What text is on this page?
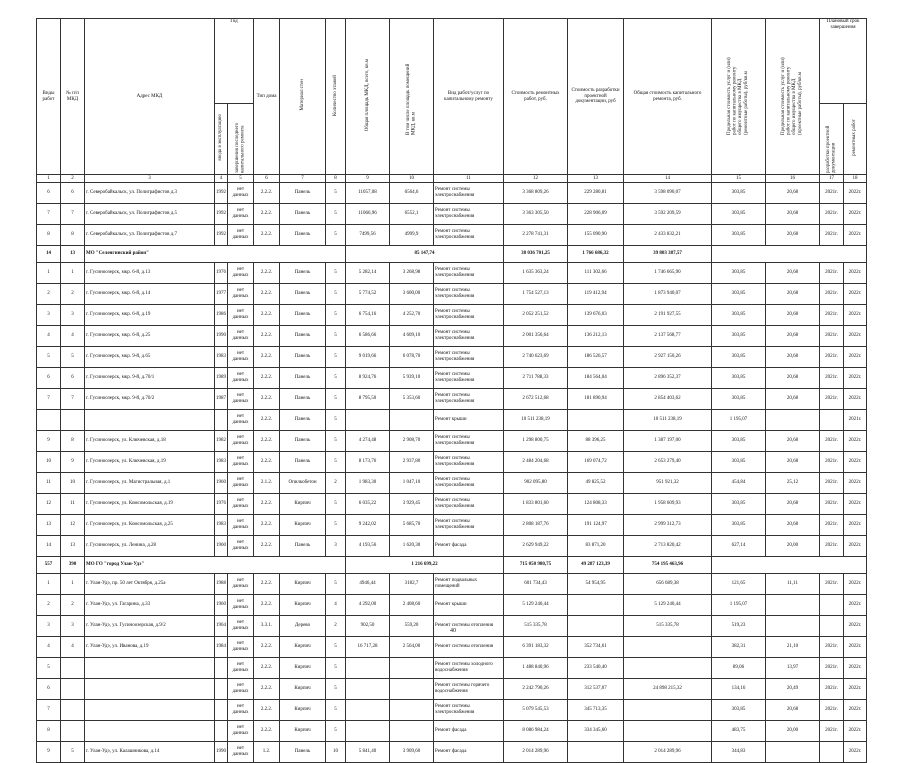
Виды работ	№ п/п МКД	Адрес МКД	Год		Тип дома	Материал стен	Количество этажей	Общая площадь МКД, всего, кв.м	В том числе площадь помещений МКД, кв.м	Вид работ/услуг по капитальному ремонту	Стоимость ремонтных работ, руб.	Стоимость разработки проектной документации, руб	Общая стоимость капитального ремонта, руб.	Предельная стоимость услуг и (или) работ по капитальному ремонту общего имущества в МКД (ремонтные работы), руб/кв.м	Предельная стоимость услуг и (или) работ по капитальному ремонту общего имущества в МКД (проектные работы), руб/кв.м	Плановый срок завершения	
			ввода в эксплуатацию	завершения последнего капитального ремонта												разработки проектной документации	ремонтных работ
1	2	3	4	5	6	7	8	9	10	11	12	13	14	15	16	17	18
6	6	г. Северобайкальск, ул. Полиграфистов д.3	1992	нет данных	2.2.2.	Панель	5	11057,08	6564,6	Ремонт системы электроснабжения	3 368 809,26	229 280,81	3 598 090,07	303,85	20,68	2021г.	2022г.
7	7	г. Северобайкальск, ул. Полиграфистов д.5	1992	нет данных	2.2.2.	Панель	5	11066,96	6552,1	Ремонт системы электроснабжения	3 363 305,50	228 906,09	3 592 209,59	303,85	20,68	2021г.	2022г.
8	8	г. Северобайкальск, ул. Полиграфистов д.7	1992	нет данных	2.2.2.	Панель	5	7499,56	4999,9	Ремонт системы электроснабжения	2 278 741,31	155 090,90	2 433 832,21	303,85	20,68	2021г.	2022г.
14	13	МО "Селенгинский район"						85 147,74			38 036 701,25	1 766 686,32	39 803 387,57				
1	1	г. Гусиноозерск, мкр. 6-й, д.13	1976	нет данных	2.2.2.	Панель	5	5 282,14	3 268,98	Ремонт системы электроснабжения	1 635 363,24	111 302,66	1 746 665,90	303,85	20,68	2021г.	2022г.
2	2	г. Гусиноозерск, мкр. 6-й, д.14	1977	нет данных	2.2.2.	Панель	5	5 774,52	3 600,00	Ремонт системы электроснабжения	1 754 527,13	119 412,94	1 873 940,07	303,85	20,68	2021г.	2022г.
3	3	г. Гусиноозерск, мкр. 6-й, д.19	1986	нет данных	2.2.2.	Панель	5	6 754,16	4 252,70	Ремонт системы электроснабжения	2 052 251,52	139 676,03	2 191 927,55	303,85	20,68	2021г.	2022г.
4	4	г. Гусиноозерск, мкр. 6-й, д.25	1990	нет данных	2.2.2.	Панель	5	6 586,66	4 609,10	Ремонт системы электроснабжения	2 001 356,64	136 212,13	2 137 568,77	303,85	20,68	2021г.	2022г.
5	5	г. Гусиноозерск, мкр. 9-й, д.65	1983	нет данных	2.2.2.	Панель	5	9 019,66	6 078,70	Ремонт системы электроснабжения	2 740 623,69	186 526,57	2 927 150,26	303,85	20,68	2021г.	2022г.
6	6	г. Гусиноозерск, мкр. 9-й, д.70/1	1989	нет данных	2.2.2.	Панель	5	8 924,76	5 939,10	Ремонт системы электроснабжения	2 711 788,33	184 564,04	2 896 352,37	303,85	20,68	2021г.	2022г.
7	7	г. Гусиноозерск, мкр. 9-й, д.70/2	1987	нет данных	2.2.2.	Панель	5	8 795,50	5 353,60	Ремонт системы электроснабжения	2 672 512,68	181 890,94	2 854 403,62	303,85	20,68	2021г.	2022г.
				нет данных	2.2.2.	Панель	5			Ремонт крыши	10 511 238,19		10 511 238,19	1 195,07			2021г.
9	8	г. Гусиноозерск, ул. Ключевская, д.18	1982	нет данных	2.2.2.	Панель	5	4 274,48	2 908,70	Ремонт системы электроснабжения	1 298 800,75	88 396,25	1 387 197,00	303,85	20,68	2021г.	2022г.
10	9	г. Гусиноозерск, ул. Ключевская, д.19	1983	нет данных	2.2.2.	Панель	5	8 173,76	2 937,80	Ремонт системы электроснабжения	2 484 204,68	169 074,72	2 653 279,40	303,85	20,68	2021г.	2022г.
11	10	г. Гусиноозерск, ул. Магистральная, д.1	1960	нет данных	2.1.2.	Опилкобетон	2	1 983,30	1 047,10	Ремонт системы электроснабжения	902 095,80	49 825,52	951 921,32	454,84	25,12	2021г.	2022г.
12	11	г. Гусиноозерск, ул. Комсомольская, д.19	1976	нет данных	2.2.2.	Кирпич	5	6 035,22	3 929,45	Ремонт системы электроснабжения	1 833 801,60	124 808,33	1 958 609,93	303,85	20,68	2021г.	2022г.
13	12	г. Гусиноозерск, ул. Комсомольская, д.25	1983	нет данных	2.2.2.	Кирпич	5	9 242,02	5 685,70	Ремонт системы электроснабжения	2 808 187,76	191 124,97	2 999 312,73	303,85	20,68	2021г.	2022г.
14	13	г. Гусиноозерск, ул. Ленина, д.28	1960	нет данных	2.2.2.	Панель	3	4 193,56	1 620,30	Ремонт фасада	2 629 949,22	83 871,20	2 713 820,42	627,14	20,00	2021г.	2022г.
557	390	МО ГО "город Улан-Удэ"						1 216 699,22			715 050 980,75	49 287 123,39	754 195 463,96				
1	1	г. Улан-Удэ, пр. 50 лет Октября, д.25а	1988	нет данных	2.2.2.	Кирпич	5	4946,44	3182,7	Ремонт подвальных помещений	601 734,43	54 954,95	656 689,38	121,65	11,11	2021г.	2022г.
2	2	г. Улан-Удэ, ул. Гагарина, д.33	1960	нет данных	2.2.2.	Кирпич	4	4 292,00	2 408,60	Ремонт крыши	5 129 240,44		5 129 240,44	1 195,07			2022г.
3	3	г. Улан-Удэ, ул. Гусиноозерская, д.9/2	1964	нет данных	3.3.1.	Дерево	2	902,50	559,20	Ремонт системы отопления	515 335,78		515 335,78	519,23			2022г.
4	4	г. Улан-Удэ, ул. Иванова, д.19	1984	нет данных	2.2.2.	Кирпич	5	16 717,28	2 564,00	Ремонт системы отопления	6 391 183,32	352 734,61		382,31	21,10	2021г.	2022г.
5				нет данных	2.2.2.	Кирпич	5			Ремонт системы холодного водоснабжения	1 488 840,96	233 540,40		89,06	13,97	2021г.	2022г.
6				нет данных	2.2.2.	Кирпич	5			Ремонт системы горячего водоснабжения	2 242 790,26	312 537,07	24 898 215,32	134,16	20,49	2021г.	2022г.
7				нет данных	2.2.2.	Кирпич	5			Ремонт системы электроснабжения	5 079 545,53	345 713,35		303,85	20,68	2021г.	2022г.
8				нет данных	2.2.2.	Кирпич	5			Ремонт фасада	8 086 984,24	334 345,60		483,75	20,00	2021г.	2022г.
9	5	г. Улан-Удэ, ул. Калашникова, д.14	1990	нет данных	1.2.	Панель	10	5 841,40	3 909,60	Ремонт фасада	2 014 289,96		2 014 289,96	344,83			2022г.
40
